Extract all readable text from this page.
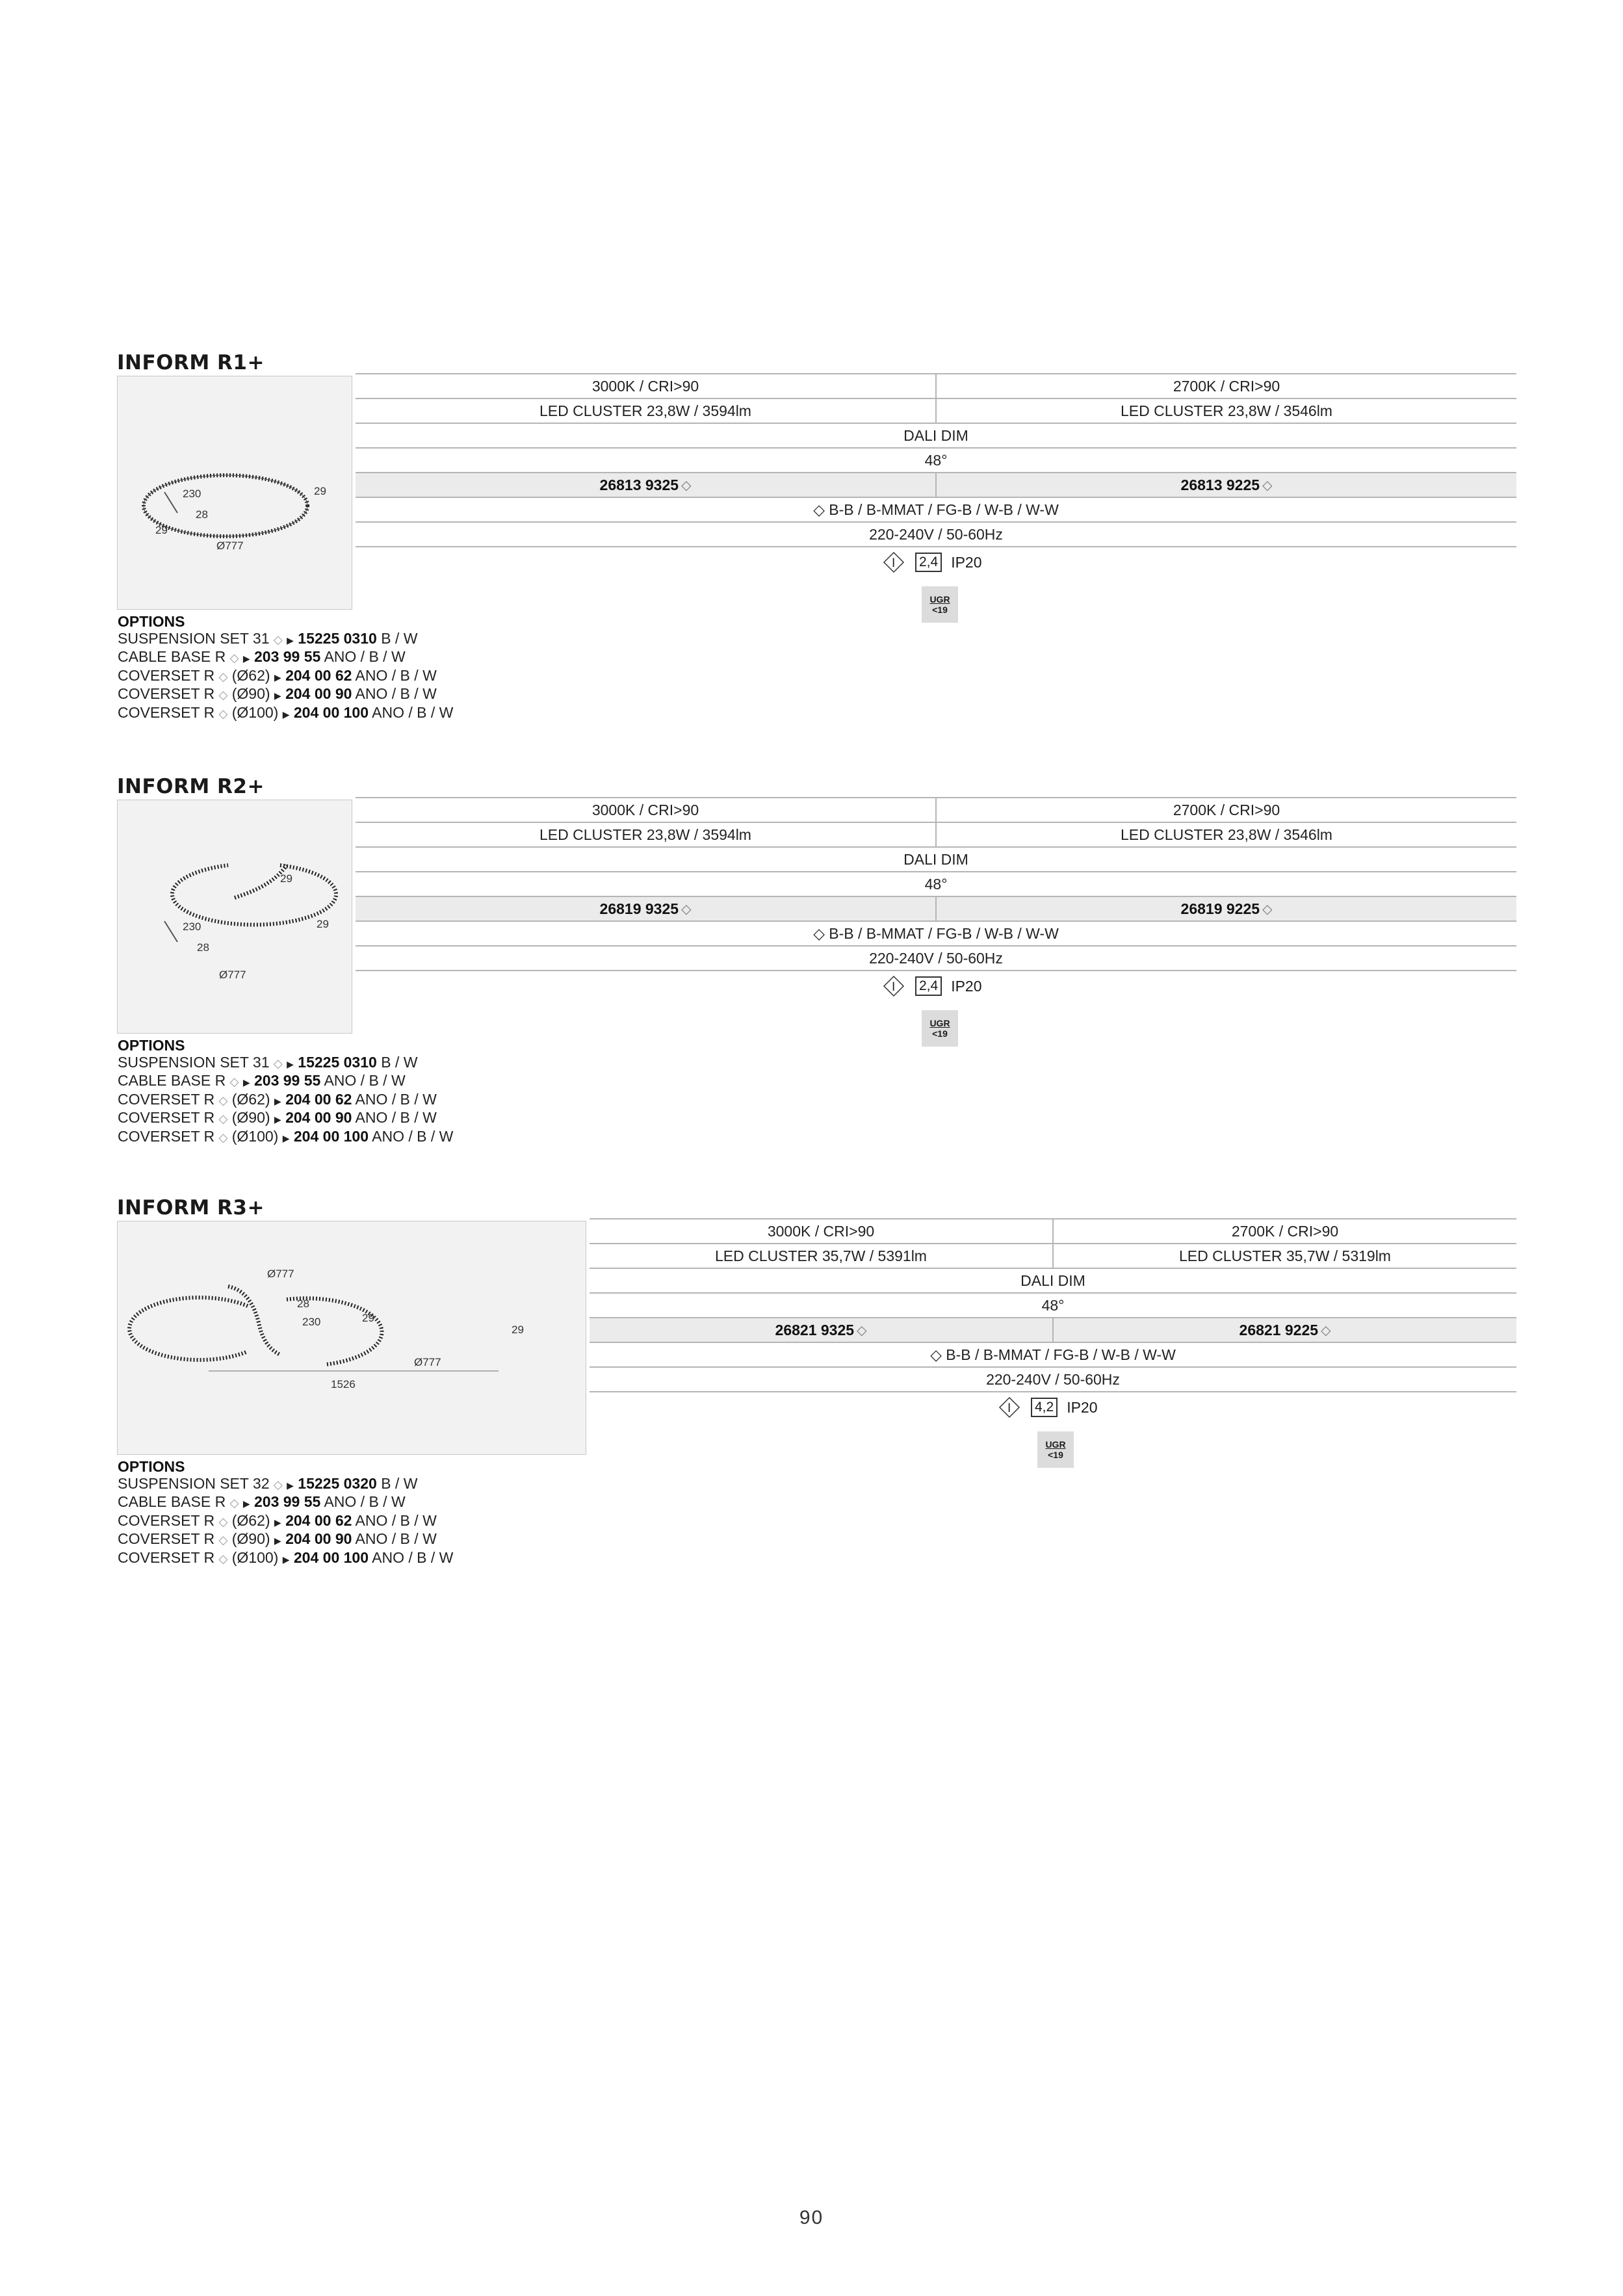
INFORM R1+
230
28
29
29
Ø777
3000K / CRI>90	2700K / CRI>90
LED CLUSTER 23,8W / 3594lm	LED CLUSTER 23,8W / 3546lm
DALI DIM
48°
26813 9325 ◇	26813 9225 ◇
◇ B-B / B-MMAT / FG-B / W-B / W-W
220-240V / 50-60Hz
I 2,4 IP20
UGR
<19
OPTIONS
SUSPENSION SET 31 ◇ ▶ 15225 0310 B / W
CABLE BASE R ◇ ▶ 203 99 55 ANO / B / W
COVERSET R ◇ (Ø62) ▶ 204 00 62 ANO / B / W
COVERSET R ◇ (Ø90) ▶ 204 00 90 ANO / B / W
COVERSET R ◇ (Ø100) ▶ 204 00 100 ANO / B / W
INFORM R2+
230
28
29
29
Ø777
3000K / CRI>90	2700K / CRI>90
LED CLUSTER 23,8W / 3594lm	LED CLUSTER 23,8W / 3546lm
DALI DIM
48°
26819 9325 ◇	26819 9225 ◇
◇ B-B / B-MMAT / FG-B / W-B / W-W
220-240V / 50-60Hz
I 2,4 IP20
UGR
<19
OPTIONS
SUSPENSION SET 31 ◇ ▶ 15225 0310 B / W
CABLE BASE R ◇ ▶ 203 99 55 ANO / B / W
COVERSET R ◇ (Ø62) ▶ 204 00 62 ANO / B / W
COVERSET R ◇ (Ø90) ▶ 204 00 90 ANO / B / W
COVERSET R ◇ (Ø100) ▶ 204 00 100 ANO / B / W
INFORM R3+
Ø777
28
230	29
29
Ø777
1526
3000K / CRI>90	2700K / CRI>90
LED CLUSTER 35,7W / 5391lm	LED CLUSTER 35,7W / 5319lm
DALI DIM
48°
26821 9325 ◇	26821 9225 ◇
◇ B-B / B-MMAT / FG-B / W-B / W-W
220-240V / 50-60Hz
I 4,2 IP20
UGR
<19
OPTIONS
SUSPENSION SET 32 ◇ ▶ 15225 0320 B / W
CABLE BASE R ◇ ▶ 203 99 55 ANO / B / W
COVERSET R ◇ (Ø62) ▶ 204 00 62 ANO / B / W
COVERSET R ◇ (Ø90) ▶ 204 00 90 ANO / B / W
COVERSET R ◇ (Ø100) ▶ 204 00 100 ANO / B / W
90
